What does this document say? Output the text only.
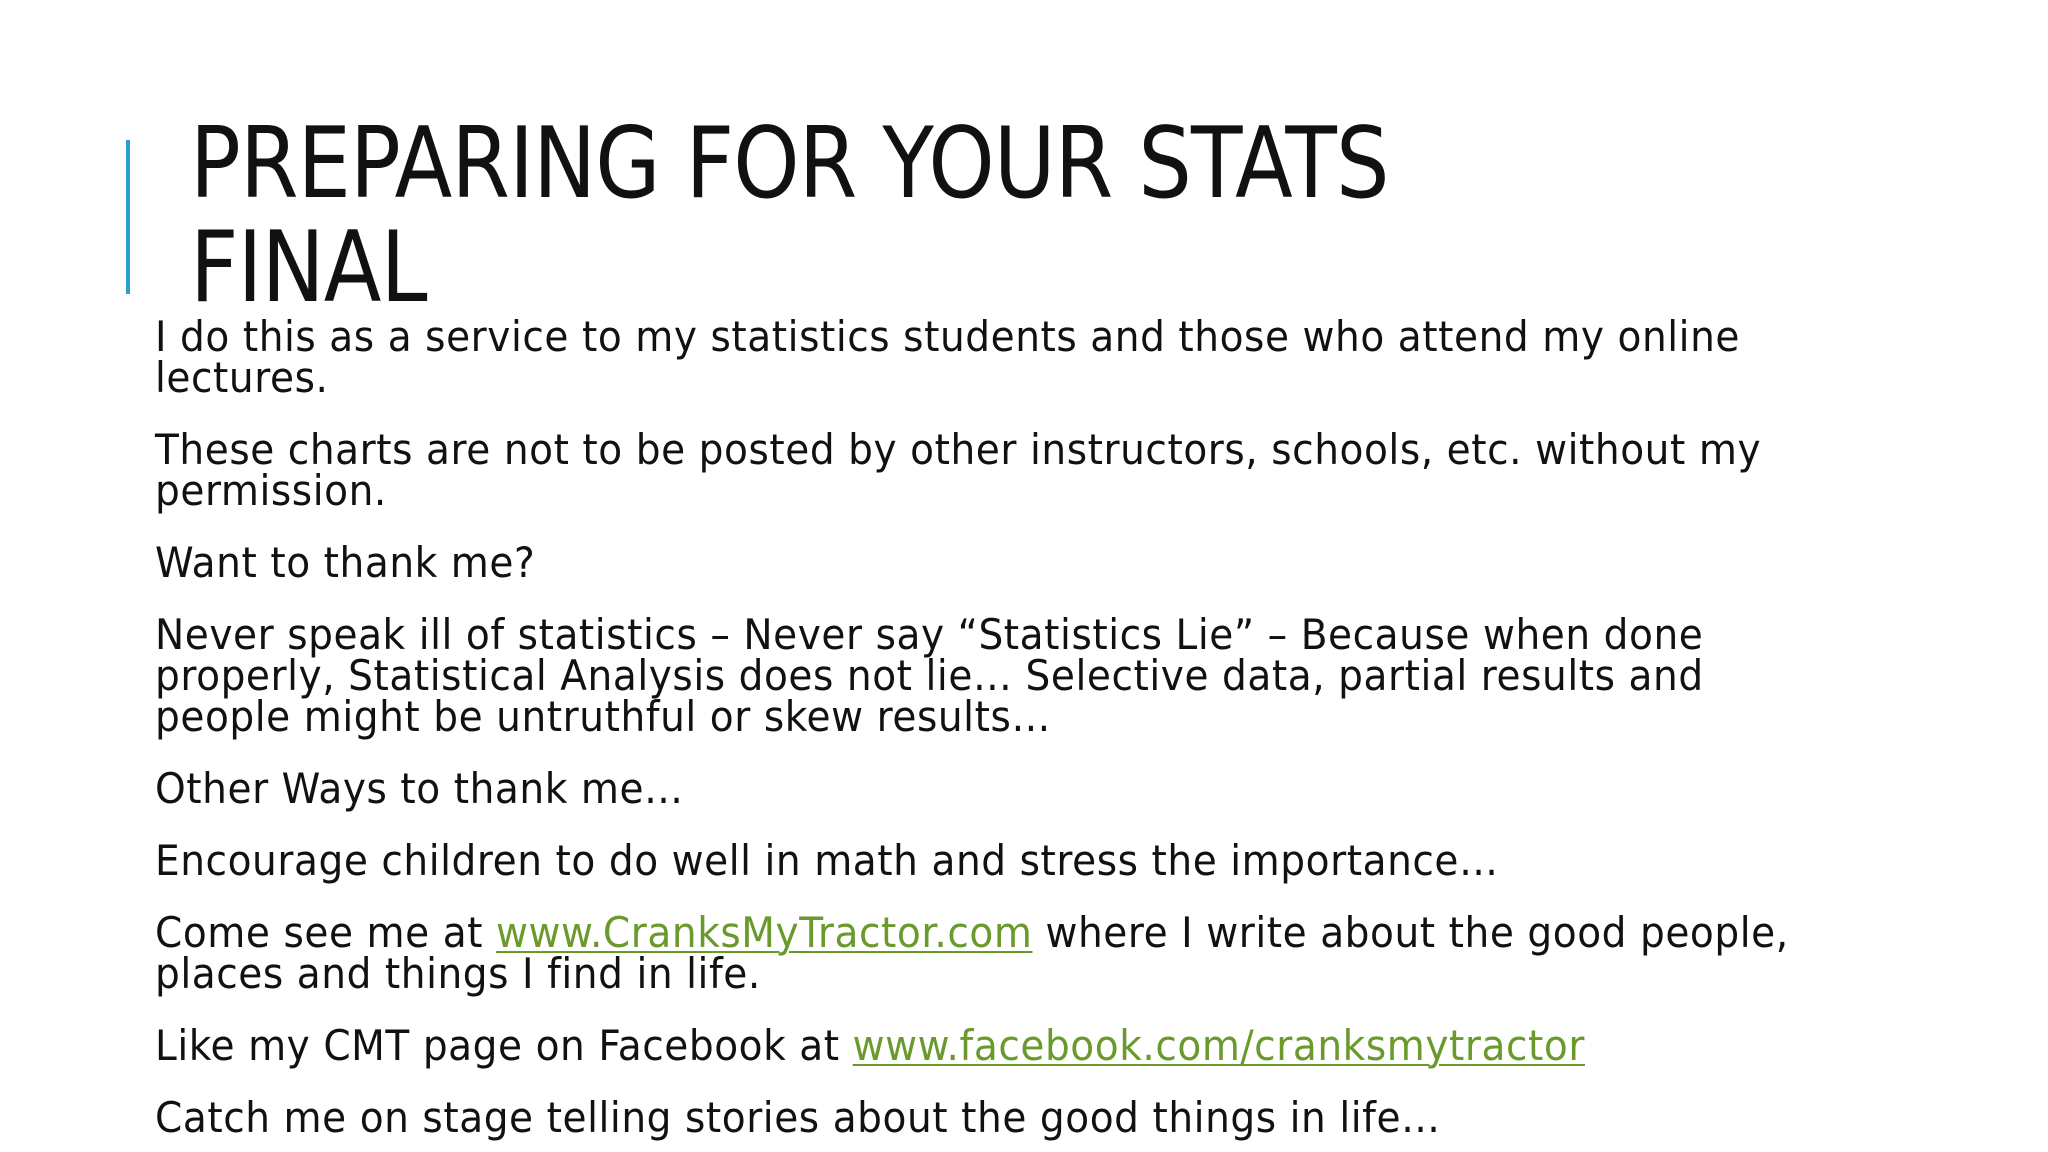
PREPARING FOR YOUR STATS
FINAL

I do this as a service to my statistics students and those who attend my online lectures.

These charts are not to be posted by other instructors, schools, etc. without my permission.

Want to thank me?

Never speak ill of statistics – Never say “Statistics Lie” – Because when done properly, Statistical Analysis does not lie… Selective data, partial results and people might be untruthful or skew results…

Other Ways to thank me…

Encourage children to do well in math and stress the importance…

Come see me at www.CranksMyTractor.com where I write about the good people, places and things I find in life.

Like my CMT page on Facebook at www.facebook.com/cranksmytractor

Catch me on stage telling stories about the good things in life…
